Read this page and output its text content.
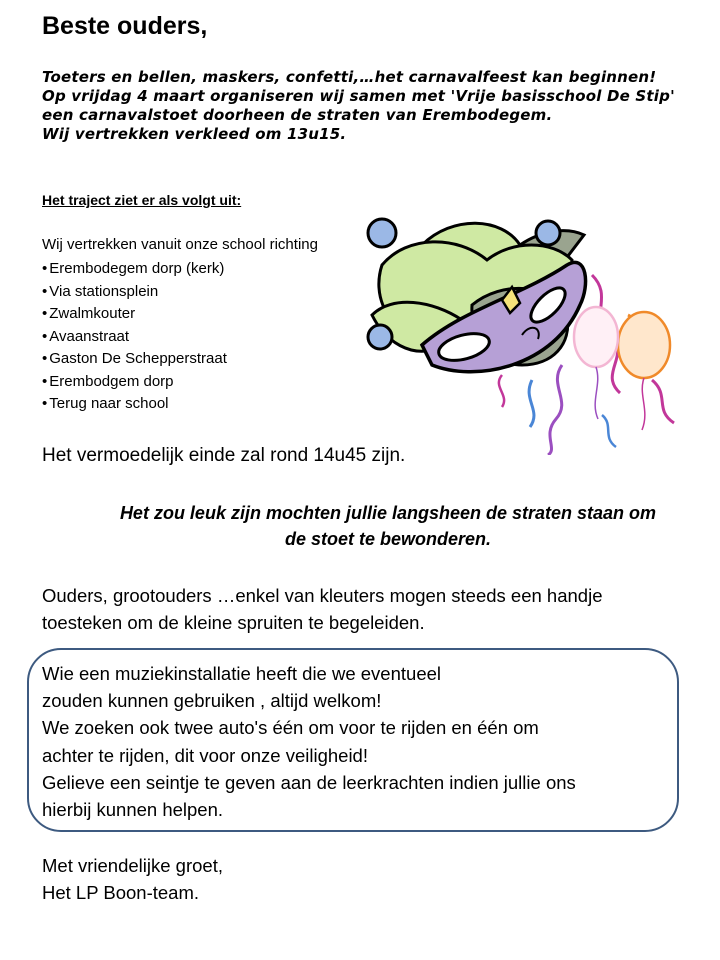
Beste ouders,
Toeters en bellen, maskers, confetti,…het carnavalfeest kan beginnen!
Op vrijdag 4 maart organiseren wij samen met 'Vrije basisschool De Stip'
een carnavalstoet doorheen de straten van Erembodegem.
Wij vertrekken verkleed om 13u15.
Het traject ziet er als volgt uit:
Wij vertrekken vanuit onze school richting
• Erembodegem dorp (kerk)
• Via stationsplein
• Zwalmkouter
• Avaanstraat
• Gaston De Schepperstraat
• Erembodgem dorp
• Terug naar school
Het vermoedelijk einde zal rond 14u45 zijn.
Het zou leuk zijn mochten jullie langsheen de straten staan om
de stoet te bewonderen.
Ouders, grootouders …enkel van kleuters mogen steeds een handje
toesteken om de kleine spruiten te begeleiden.
Wie een muziekinstallatie heeft die we eventueel
zouden kunnen gebruiken , altijd welkom!
We zoeken ook twee auto's één om voor te rijden en één om
achter te rijden, dit voor onze veiligheid!
Gelieve een seintje te geven aan de leerkrachten indien jullie ons
hierbij kunnen helpen.
Met vriendelijke groet,
Het LP Boon-team.
